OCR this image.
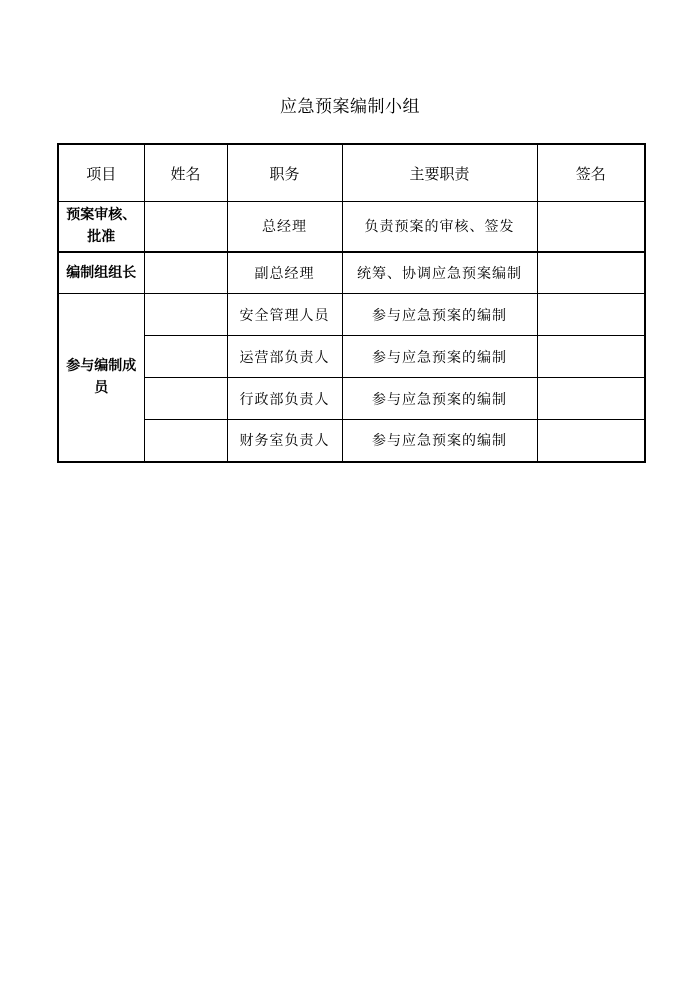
应急预案编制小组
项目	姓名	职务	主要职责	签名
预案审核、批准		总经理	负责预案的审核、签发	
编制组组长		副总经理	统筹、协调应急预案编制	
参与编制成员		安全管理人员	参与应急预案的编制	
		运营部负责人	参与应急预案的编制	
		行政部负责人	参与应急预案的编制	
		财务室负责人	参与应急预案的编制	
